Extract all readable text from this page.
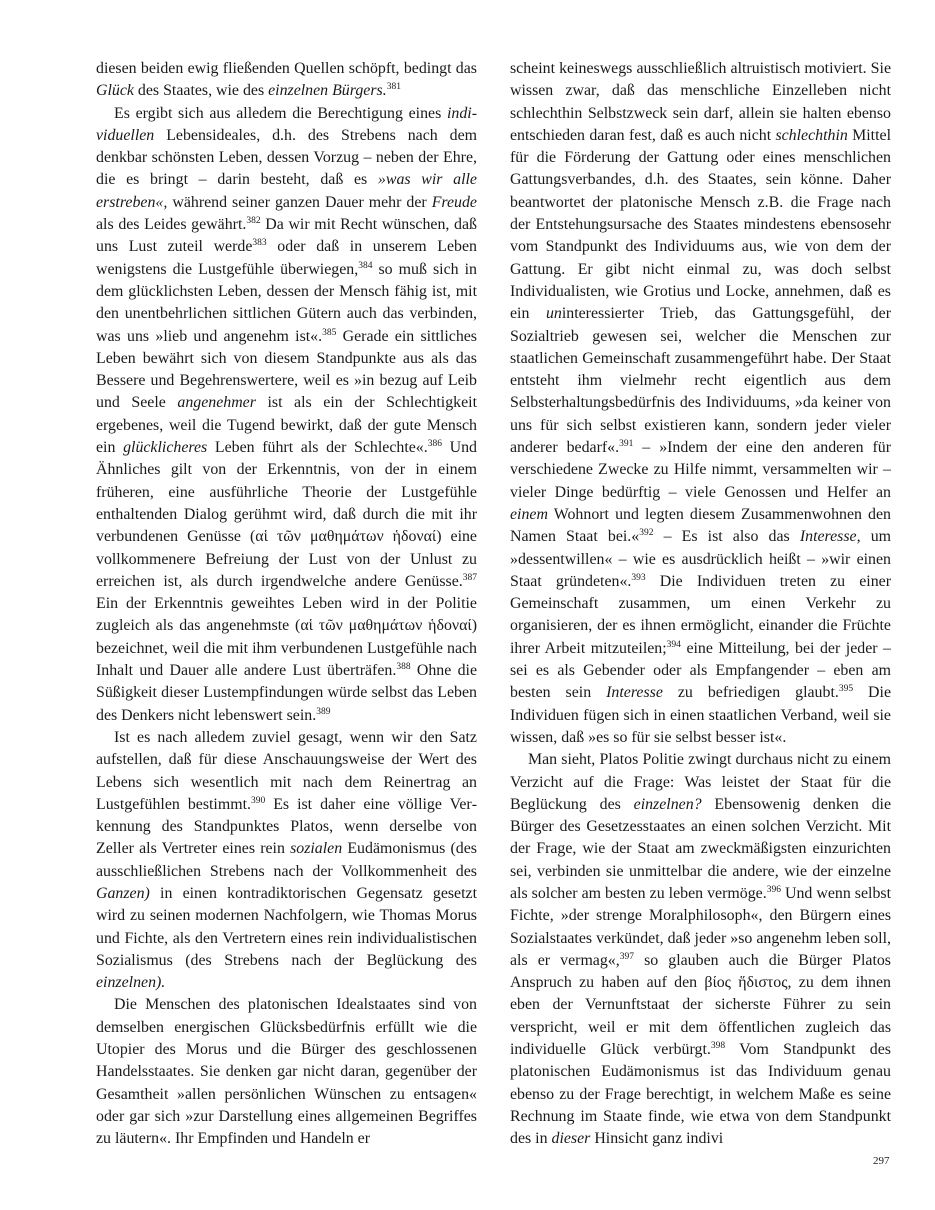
diesen beiden ewig fließenden Quellen schöpft, bedingt das Glück des Staates, wie des einzelnen Bürgers.$^{381}$

Es ergibt sich aus alledem die Berechtigung eines individuellen Lebensideales, d.h. des Strebens nach dem denkbar schönsten Leben, dessen Vorzug – neben der Ehre, die es bringt – darin besteht, daß es »was wir alle erstreben«, während seiner ganzen Dauer mehr der Freude als des Leides gewährt.$^{382}$ Da wir mit Recht wünschen, daß uns Lust zuteil werde$^{383}$ oder daß in unserem Leben wenigstens die Lustgefühle überwiegen,$^{384}$ so muß sich in dem glücklichsten Leben, dessen der Mensch fähig ist, mit den unentbehrlichen sittlichen Gütern auch das verbinden, was uns »lieb und angenehm ist«.$^{385}$ Gerade ein sittliches Leben bewährt sich von diesem Standpunkte aus als das Bessere und Begehrenswertere, weil es »in bezug auf Leib und Seele angenehmer ist als ein der Schlechtigkeit ergebenes, weil die Tugend bewirkt, daß der gute Mensch ein glücklicheres Leben führt als der Schlechte«.$^{386}$ Und Ähnliches gilt von der Erkenntnis, von der in einem früheren, eine ausführliche Theorie der Lustgefühle enthaltenden Dialog gerühmt wird, daß durch die mit ihr verbundenen Genüsse (αἱ τῶν μαθημάτων ἡδοναί) eine vollkommenere Befreiung der Lust von der Unlust zu erreichen ist, als durch irgendwelche andere Genüsse.$^{387}$ Ein der Erkenntnis geweihtes Leben wird in der Politie zugleich als das angenehmste (αἱ τῶν μαθημάτων ἡδοναί) bezeichnet, weil die mit ihm verbundenen Lustgefühle nach Inhalt und Dauer alle andere Lust überträfen.$^{388}$ Ohne die Süßigkeit dieser Lustempfindungen würde selbst das Leben des Denkers nicht lebenswert sein.$^{389}$

Ist es nach alledem zuviel gesagt, wenn wir den Satz aufstellen, daß für diese Anschauungsweise der Wert des Lebens sich wesentlich mit nach dem Reinertrag an Lustgefühlen bestimmt.$^{390}$ Es ist daher eine völlige Verkennung des Standpunktes Platos, wenn derselbe von Zeller als Vertreter eines rein sozialen Eudämonismus (des ausschließlichen Strebens nach der Vollkommenheit des Ganzen) in einen kontradiktorischen Gegensatz gesetzt wird zu seinen modernen Nachfolgern, wie Thomas Morus und Fichte, als den Vertretern eines rein individualistischen Sozialismus (des Strebens nach der Beglückung des einzelnen).

Die Menschen des platonischen Idealstaates sind von demselben energischen Glücksbedürfnis erfüllt wie die Utopier des Morus und die Bürger des geschlossenen Handelsstaates. Sie denken gar nicht daran, gegenüber der Gesamtheit »allen persönlichen Wünschen zu entsagen« oder gar sich »zur Darstellung eines allgemeinen Begriffes zu läutern«. Ihr Empfinden und Handeln er

scheint keineswegs ausschließlich altruistisch motiviert. Sie wissen zwar, daß das menschliche Einzelleben nicht schlechthin Selbstzweck sein darf, allein sie halten ebenso entschieden daran fest, daß es auch nicht schlechthin Mittel für die Förderung der Gattung oder eines menschlichen Gattungsverbandes, d.h. des Staates, sein könne. Daher beantwortet der platonische Mensch z.B. die Frage nach der Entstehungsursache des Staates mindestens ebensosehr vom Standpunkt des Individuums aus, wie von dem der Gattung. Er gibt nicht einmal zu, was doch selbst Individualisten, wie Grotius und Locke, annehmen, daß es ein uninteressierter Trieb, das Gattungsgefühl, der Sozialtrieb gewesen sei, welcher die Menschen zur staatlichen Gemeinschaft zusammengeführt habe. Der Staat entsteht ihm vielmehr recht eigentlich aus dem Selbsterhaltungsbedürfnis des Individuums, »da keiner von uns für sich selbst existieren kann, sondern jeder vieler anderer bedarf«.$^{391}$ – »Indem der eine den anderen für verschiedene Zwecke zu Hilfe nimmt, versammelten wir – vieler Dinge bedürftig – viele Genossen und Helfer an einem Wohnort und legten diesem Zusammenwohnen den Namen Staat bei.«$^{392}$ – Es ist also das Interesse, um »dessentwillen« – wie es ausdrücklich heißt – »wir einen Staat gründeten«.$^{393}$ Die Individuen treten zu einer Gemeinschaft zusammen, um einen Verkehr zu organisieren, der es ihnen ermöglicht, einander die Früchte ihrer Arbeit mitzuteilen;$^{394}$ eine Mitteilung, bei der jeder – sei es als Gebender oder als Empfangender – eben am besten sein Interesse zu befriedigen glaubt.$^{395}$ Die Individuen fügen sich in einen staatlichen Verband, weil sie wissen, daß »es so für sie selbst besser ist«.

Man sieht, Platos Politie zwingt durchaus nicht zu einem Verzicht auf die Frage: Was leistet der Staat für die Beglückung des einzelnen? Ebensowenig denken die Bürger des Gesetzesstaates an einen solchen Verzicht. Mit der Frage, wie der Staat am zweckmäßigsten einzurichten sei, verbinden sie unmittelbar die andere, wie der einzelne als solcher am besten zu leben vermöge.$^{396}$ Und wenn selbst Fichte, »der strenge Moralphilosoph«, den Bürgern eines Sozialstaates verkündet, daß jeder »so angenehm leben soll, als er vermag«,$^{397}$ so glauben auch die Bürger Platos Anspruch zu haben auf den βίος ἥδιστος, zu dem ihnen eben der Vernunftstaat der sicherste Führer zu sein verspricht, weil er mit dem öffentlichen zugleich das individuelle Glück verbürgt.$^{398}$ Vom Standpunkt des platonischen Eudämonismus ist das Individuum genau ebenso zu der Frage berechtigt, in welchem Maße es seine Rechnung im Staate finde, wie etwa von dem Standpunkt des in dieser Hinsicht ganz indivi

297
